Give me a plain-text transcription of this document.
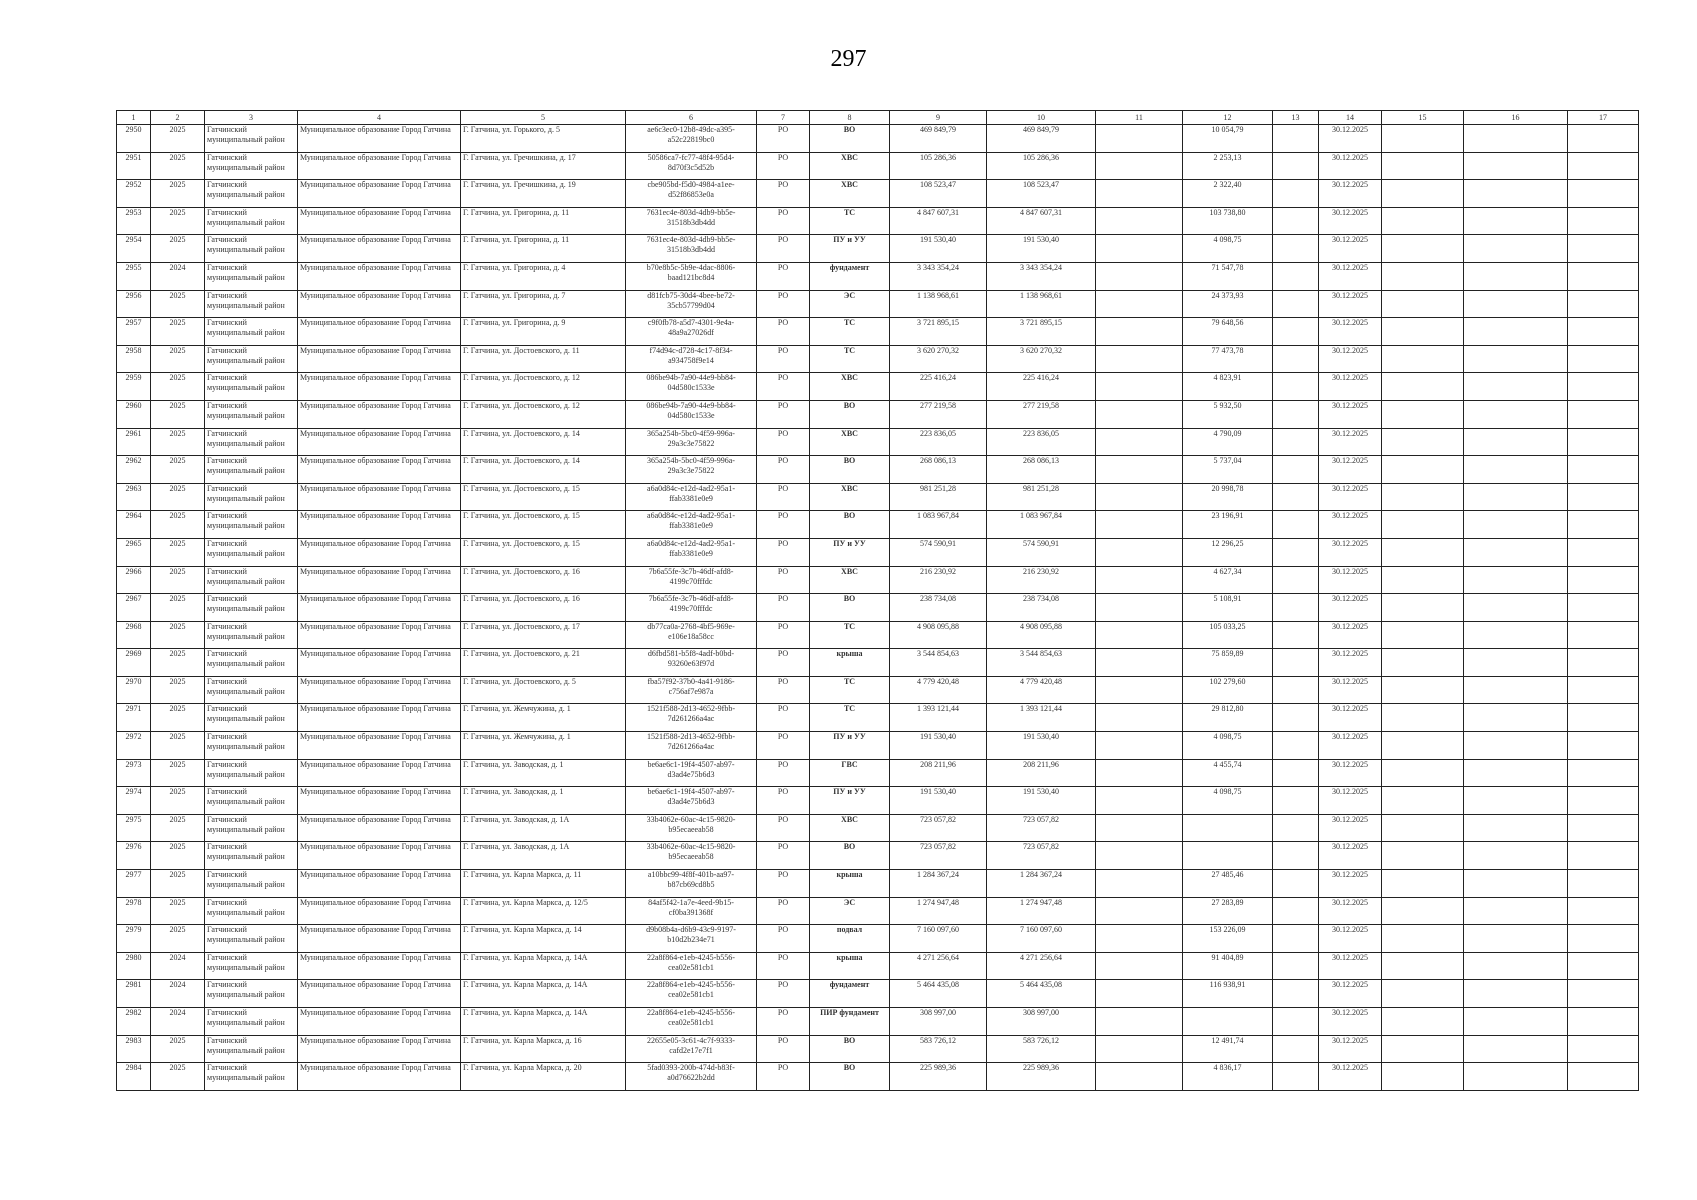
297
1	2	3	4	5	6	7	8	9	10	11	12	13	14	15	16	17
2950	2025	Гатчинский муниципальный район	Муниципальное образование Город Гатчина	Г. Гатчина, ул. Горького, д. 5	ae6c3ec0-12b8-49dc-a395-a52c22819bc0	РО	ВО	469 849,79	469 849,79		10 054,79		30.12.2025			
2951	2025	Гатчинский муниципальный район	Муниципальное образование Город Гатчина	Г. Гатчина, ул. Гречишкина, д. 17	50586ca7-fc77-48f4-95d4-8d70f3c5d52b	РО	ХВС	105 286,36	105 286,36		2 253,13		30.12.2025			
2952	2025	Гатчинский муниципальный район	Муниципальное образование Город Гатчина	Г. Гатчина, ул. Гречишкина, д. 19	cbe905bd-f5d0-4984-a1ee-d52f86853e0a	РО	ХВС	108 523,47	108 523,47		2 322,40		30.12.2025			
2953	2025	Гатчинский муниципальный район	Муниципальное образование Город Гатчина	Г. Гатчина, ул. Григорина, д. 11	7631ec4e-803d-4db9-bb5e-31518b3db4dd	РО	ТС	4 847 607,31	4 847 607,31		103 738,80		30.12.2025			
2954	2025	Гатчинский муниципальный район	Муниципальное образование Город Гатчина	Г. Гатчина, ул. Григорина, д. 11	7631ec4e-803d-4db9-bb5e-31518b3db4dd	РО	ПУ и УУ	191 530,40	191 530,40		4 098,75		30.12.2025			
2955	2024	Гатчинский муниципальный район	Муниципальное образование Город Гатчина	Г. Гатчина, ул. Григорина, д. 4	b70e8b5c-5b9e-4dac-8806-baad121bc8d4	РО	фундамент	3 343 354,24	3 343 354,24		71 547,78		30.12.2025			
2956	2025	Гатчинский муниципальный район	Муниципальное образование Город Гатчина	Г. Гатчина, ул. Григорина, д. 7	d81fcb75-30d4-4bee-be72-35cb57799d04	РО	ЭС	1 138 968,61	1 138 968,61		24 373,93		30.12.2025			
2957	2025	Гатчинский муниципальный район	Муниципальное образование Город Гатчина	Г. Гатчина, ул. Григорина, д. 9	c9f0fb78-a5d7-4301-9e4a-48a9a27026df	РО	ТС	3 721 895,15	3 721 895,15		79 648,56		30.12.2025			
2958	2025	Гатчинский муниципальный район	Муниципальное образование Город Гатчина	Г. Гатчина, ул. Достоевского, д. 11	f74d94c-d728-4c17-8f34-a934758f9e14	РО	ТС	3 620 270,32	3 620 270,32		77 473,78		30.12.2025			
2959	2025	Гатчинский муниципальный район	Муниципальное образование Город Гатчина	Г. Гатчина, ул. Достоевского, д. 12	086be94b-7a90-44e9-bb84-04d580c1533e	РО	ХВС	225 416,24	225 416,24		4 823,91		30.12.2025			
2960	2025	Гатчинский муниципальный район	Муниципальное образование Город Гатчина	Г. Гатчина, ул. Достоевского, д. 12	086be94b-7a90-44e9-bb84-04d580c1533e	РО	ВО	277 219,58	277 219,58		5 932,50		30.12.2025			
2961	2025	Гатчинский муниципальный район	Муниципальное образование Город Гатчина	Г. Гатчина, ул. Достоевского, д. 14	365a254b-5bc0-4f59-996a-29a3c3e75822	РО	ХВС	223 836,05	223 836,05		4 790,09		30.12.2025			
2962	2025	Гатчинский муниципальный район	Муниципальное образование Город Гатчина	Г. Гатчина, ул. Достоевского, д. 14	365a254b-5bc0-4f59-996a-29a3c3e75822	РО	ВО	268 086,13	268 086,13		5 737,04		30.12.2025			
2963	2025	Гатчинский муниципальный район	Муниципальное образование Город Гатчина	Г. Гатчина, ул. Достоевского, д. 15	a6a0d84c-e12d-4ad2-95a1-ffab3381e0e9	РО	ХВС	981 251,28	981 251,28		20 998,78		30.12.2025			
2964	2025	Гатчинский муниципальный район	Муниципальное образование Город Гатчина	Г. Гатчина, ул. Достоевского, д. 15	a6a0d84c-e12d-4ad2-95a1-ffab3381e0e9	РО	ВО	1 083 967,84	1 083 967,84		23 196,91		30.12.2025			
2965	2025	Гатчинский муниципальный район	Муниципальное образование Город Гатчина	Г. Гатчина, ул. Достоевского, д. 15	a6a0d84c-e12d-4ad2-95a1-ffab3381e0e9	РО	ПУ и УУ	574 590,91	574 590,91		12 296,25		30.12.2025			
2966	2025	Гатчинский муниципальный район	Муниципальное образование Город Гатчина	Г. Гатчина, ул. Достоевского, д. 16	7b6a55fe-3c7b-46df-afd8-4199c70fffdc	РО	ХВС	216 230,92	216 230,92		4 627,34		30.12.2025			
2967	2025	Гатчинский муниципальный район	Муниципальное образование Город Гатчина	Г. Гатчина, ул. Достоевского, д. 16	7b6a55fe-3c7b-46df-afd8-4199c70fffdc	РО	ВО	238 734,08	238 734,08		5 108,91		30.12.2025			
2968	2025	Гатчинский муниципальный район	Муниципальное образование Город Гатчина	Г. Гатчина, ул. Достоевского, д. 17	db77ca0a-2768-4bf5-969e-e106e18a58cc	РО	ТС	4 908 095,88	4 908 095,88		105 033,25		30.12.2025			
2969	2025	Гатчинский муниципальный район	Муниципальное образование Город Гатчина	Г. Гатчина, ул. Достоевского, д. 21	d6fbd581-b5f8-4adf-b0bd-93260e63f97d	РО	крыша	3 544 854,63	3 544 854,63		75 859,89		30.12.2025			
2970	2025	Гатчинский муниципальный район	Муниципальное образование Город Гатчина	Г. Гатчина, ул. Достоевского, д. 5	fba57f92-37b0-4a41-9186-c756af7e987a	РО	ТС	4 779 420,48	4 779 420,48		102 279,60		30.12.2025			
2971	2025	Гатчинский муниципальный район	Муниципальное образование Город Гатчина	Г. Гатчина, ул. Жемчужина, д. 1	1521f588-2d13-4652-9fbb-7d261266a4ac	РО	ТС	1 393 121,44	1 393 121,44		29 812,80		30.12.2025			
2972	2025	Гатчинский муниципальный район	Муниципальное образование Город Гатчина	Г. Гатчина, ул. Жемчужина, д. 1	1521f588-2d13-4652-9fbb-7d261266a4ac	РО	ПУ и УУ	191 530,40	191 530,40		4 098,75		30.12.2025			
2973	2025	Гатчинский муниципальный район	Муниципальное образование Город Гатчина	Г. Гатчина, ул. Заводская, д. 1	be6ae6c1-19f4-4507-ab97-d3ad4e75b6d3	РО	ГВС	208 211,96	208 211,96		4 455,74		30.12.2025			
2974	2025	Гатчинский муниципальный район	Муниципальное образование Город Гатчина	Г. Гатчина, ул. Заводская, д. 1	be6ae6c1-19f4-4507-ab97-d3ad4e75b6d3	РО	ПУ и УУ	191 530,40	191 530,40		4 098,75		30.12.2025			
2975	2025	Гатчинский муниципальный район	Муниципальное образование Город Гатчина	Г. Гатчина, ул. Заводская, д. 1А	33b4062e-60ac-4c15-9820-b95ecaeeab58	РО	ХВС	723 057,82	723 057,82				30.12.2025			
2976	2025	Гатчинский муниципальный район	Муниципальное образование Город Гатчина	Г. Гатчина, ул. Заводская, д. 1А	33b4062e-60ac-4c15-9820-b95ecaeeab58	РО	ВО	723 057,82	723 057,82				30.12.2025			
2977	2025	Гатчинский муниципальный район	Муниципальное образование Город Гатчина	Г. Гатчина, ул. Карла Маркса, д. 11	a10bbc99-4f8f-401b-aa97-b87cb69cd8b5	РО	крыша	1 284 367,24	1 284 367,24		27 485,46		30.12.2025			
2978	2025	Гатчинский муниципальный район	Муниципальное образование Город Гатчина	Г. Гатчина, ул. Карла Маркса, д. 12/5	84af5f42-1a7e-4eed-9b15-cf0ba391368f	РО	ЭС	1 274 947,48	1 274 947,48		27 283,89		30.12.2025			
2979	2025	Гатчинский муниципальный район	Муниципальное образование Город Гатчина	Г. Гатчина, ул. Карла Маркса, д. 14	d9b08b4a-d6b9-43c9-9197-b10d2b234e71	РО	подвал	7 160 097,60	7 160 097,60		153 226,09		30.12.2025			
2980	2024	Гатчинский муниципальный район	Муниципальное образование Город Гатчина	Г. Гатчина, ул. Карла Маркса, д. 14А	22a8f864-e1eb-4245-b556-cea02e581cb1	РО	крыша	4 271 256,64	4 271 256,64		91 404,89		30.12.2025			
2981	2024	Гатчинский муниципальный район	Муниципальное образование Город Гатчина	Г. Гатчина, ул. Карла Маркса, д. 14А	22a8f864-e1eb-4245-b556-cea02e581cb1	РО	фундамент	5 464 435,08	5 464 435,08		116 938,91		30.12.2025			
2982	2024	Гатчинский муниципальный район	Муниципальное образование Город Гатчина	Г. Гатчина, ул. Карла Маркса, д. 14А	22a8f864-e1eb-4245-b556-cea02e581cb1	РО	ПИР фундамент	308 997,00	308 997,00				30.12.2025			
2983	2025	Гатчинский муниципальный район	Муниципальное образование Город Гатчина	Г. Гатчина, ул. Карла Маркса, д. 16	22655e05-3c61-4c7f-9333-cafd2e17e7f1	РО	ВО	583 726,12	583 726,12		12 491,74		30.12.2025			
2984	2025	Гатчинский муниципальный район	Муниципальное образование Город Гатчина	Г. Гатчина, ул. Карла Маркса, д. 20	5fad0393-200b-474d-b83f-a0d76622b2dd	РО	ВО	225 989,36	225 989,36		4 836,17		30.12.2025			
